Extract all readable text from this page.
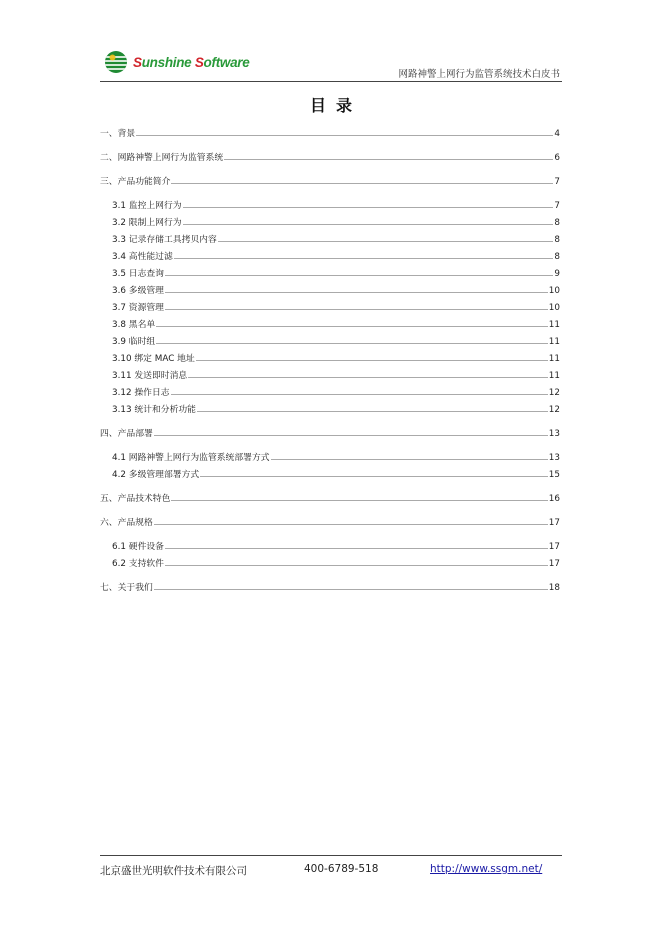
Sunshine Software
网路神警上网行为监管系统技术白皮书
目录
一、背景	4
二、网路神警上网行为监管系统	6
三、产品功能简介	7
3.1 监控上网行为	7
3.2 限制上网行为	8
3.3 记录存储工具拷贝内容	8
3.4 高性能过滤	8
3.5 日志查询	9
3.6 多级管理	10
3.7 资源管理	10
3.8 黑名单	11
3.9 临时组	11
3.10 绑定 MAC 地址	11
3.11 发送即时消息	11
3.12 操作日志	12
3.13 统计和分析功能	12
四、产品部署	13
4.1 网路神警上网行为监管系统部署方式	13
4.2 多级管理部署方式	15
五、产品技术特色	16
六、产品规格	17
6.1 硬件设备	17
6.2 支持软件	17
七、关于我们	18
北京盛世光明软件技术有限公司	400-6789-518	http://www.ssgm.net/
